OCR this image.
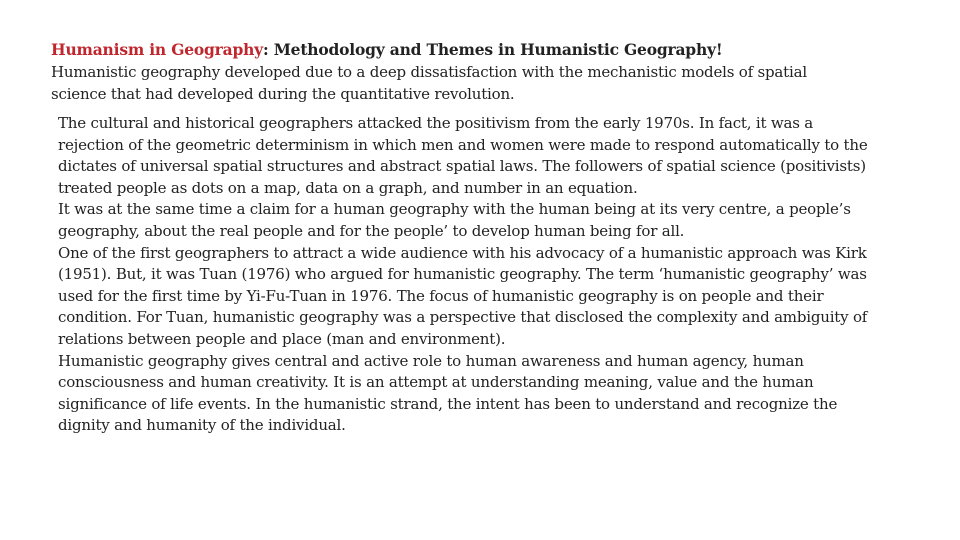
Humanism in Geography: Methodology and Themes in Humanistic Geography!
Humanistic geography developed due to a deep dissatisfaction with the mechanistic models of spatial science that had developed during the quantitative revolution.

The cultural and historical geographers attacked the positivism from the early 1970s. In fact, it was a rejection of the geometric determinism in which men and women were made to respond automatically to the dictates of universal spatial structures and abstract spatial laws. The followers of spatial science (positivists) treated people as dots on a map, data on a graph, and number in an equation.

It was at the same time a claim for a human geography with the human being at its very centre, a people’s geography, about the real people and for the people’ to develop human being for all.

One of the first geographers to attract a wide audience with his advocacy of a humanistic approach was Kirk (1951). But, it was Tuan (1976) who argued for humanistic geography. The term ‘humanistic geography’ was used for the first time by Yi-Fu-Tuan in 1976. The focus of humanistic geography is on people and their condition. For Tuan, humanistic geography was a perspective that disclosed the complexity and ambiguity of relations between people and place (man and environment).

Humanistic geography gives central and active role to human awareness and human agency, human consciousness and human creativity. It is an attempt at understanding meaning, value and the human significance of life events. In the humanistic strand, the intent has been to understand and recognize the dignity and humanity of the individual.
